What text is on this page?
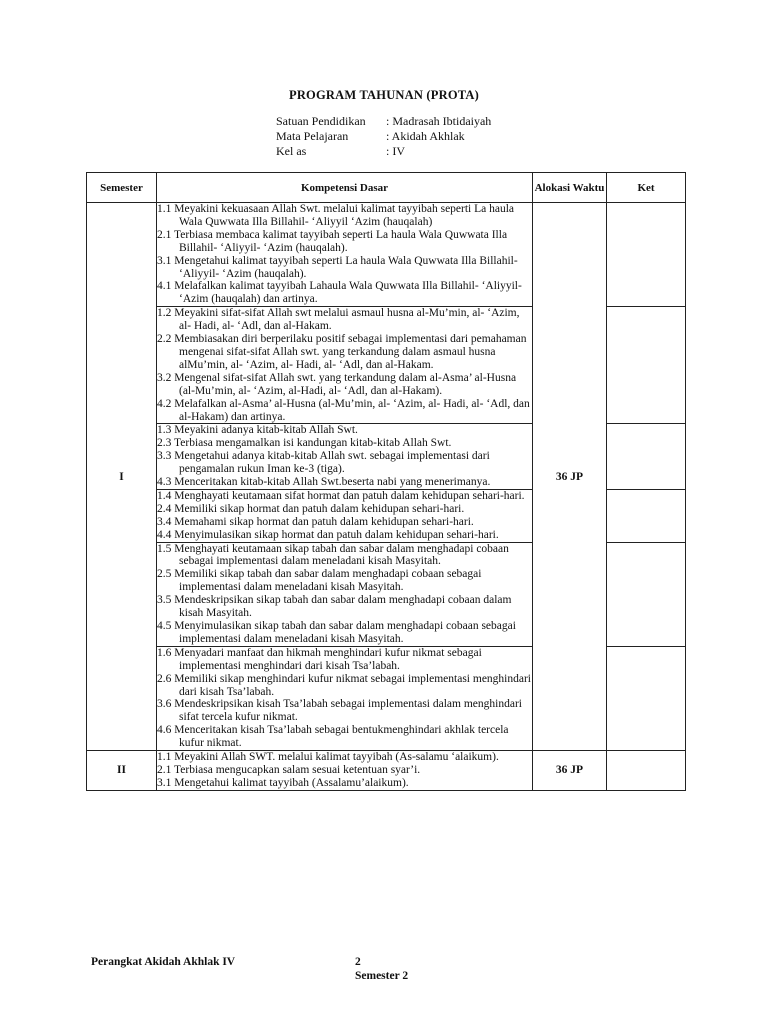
PROGRAM TAHUNAN (PROTA)
Satuan Pendidikan	: Madrasah Ibtidaiyah
Mata Pelajaran	: Akidah Akhlak
Kel as	: IV
Semester	Kompetensi Dasar	Alokasi Waktu	Ket
I	1.1 Meyakini kekuasaan Allah Swt. melalui kalimat tayyibah seperti La haula Wala Quwwata Illa Billahil- ‘Aliyyil ‘Azim (hauqalah)
2.1 Terbiasa membaca kalimat tayyibah seperti La haula Wala Quwwata Illa Billahil- ‘Aliyyil- ‘Azim (hauqalah).
3.1 Mengetahui kalimat tayyibah seperti La haula Wala Quwwata Illa Billahil- ‘Aliyyil- ‘Azim (hauqalah).
4.1 Melafalkan kalimat tayyibah Lahaula Wala Quwwata Illa Billahil- ‘Aliyyil- ‘Azim (hauqalah) dan artinya.	36 JP	

	1.2 Meyakini sifat-sifat Allah swt melalui asmaul husna al-Mu’min, al- ‘Azim, al- Hadi, al- ‘Adl, dan al-Hakam.
2.2 Membiasakan diri berperilaku positif sebagai implementasi dari pemahaman mengenai sifat-sifat Allah swt. yang terkandung dalam asmaul husna alMu’min, al- ‘Azim, al- Hadi, al- ‘Adl, dan al-Hakam.
3.2 Mengenal sifat-sifat Allah swt. yang terkandung dalam al-Asma’ al-Husna (al-Mu’min, al- ‘Azim, al-Hadi, al- ‘Adl, dan al-Hakam).
4.2 Melafalkan al-Asma’ al-Husna (al-Mu’min, al- ‘Azim, al- Hadi, al- ‘Adl, dan al-Hakam) dan artinya.		

	1.3 Meyakini adanya kitab-kitab Allah Swt.
2.3 Terbiasa mengamalkan isi kandungan kitab-kitab Allah Swt.
3.3 Mengetahui adanya kitab-kitab Allah swt. sebagai implementasi dari pengamalan rukun Iman ke-3 (tiga).
4.3 Menceritakan kitab-kitab Allah Swt.beserta nabi yang menerimanya.		

	1.4 Menghayati keutamaan sifat hormat dan patuh dalam kehidupan sehari-hari.
2.4 Memiliki sikap hormat dan patuh dalam kehidupan sehari-hari.
3.4 Memahami sikap hormat dan patuh dalam kehidupan sehari-hari.
4.4 Menyimulasikan sikap hormat dan patuh dalam kehidupan sehari-hari.		

	1.5 Menghayati keutamaan sikap tabah dan sabar dalam menghadapi cobaan sebagai implementasi dalam meneladani kisah Masyitah.
2.5 Memiliki sikap tabah dan sabar dalam menghadapi cobaan sebagai implementasi dalam meneladani kisah Masyitah.
3.5 Mendeskripsikan sikap tabah dan sabar dalam menghadapi cobaan dalam kisah Masyitah.
4.5 Menyimulasikan sikap tabah dan sabar dalam menghadapi cobaan sebagai implementasi dalam meneladani kisah Masyitah.		

	1.6 Menyadari manfaat dan hikmah menghindari kufur nikmat sebagai implementasi menghindari dari kisah Tsa’labah.
2.6 Memiliki sikap menghindari kufur nikmat sebagai implementasi menghindari dari kisah Tsa’labah.
3.6 Mendeskripsikan kisah Tsa’labah sebagai implementasi dalam menghindari sifat tercela kufur nikmat.
4.6 Menceritakan kisah Tsa’labah sebagai bentukmenghindari akhlak tercela kufur nikmat.		

II	1.1 Meyakini Allah SWT. melalui kalimat tayyibah (As-salamu ‘alaikum).
2.1 Terbiasa mengucapkan salam sesuai ketentuan syar’i.
3.1 Mengetahui kalimat tayyibah (Assalamu’alaikum).	36 JP	
Perangkat Akidah Akhlak IV	2
Semester 2
